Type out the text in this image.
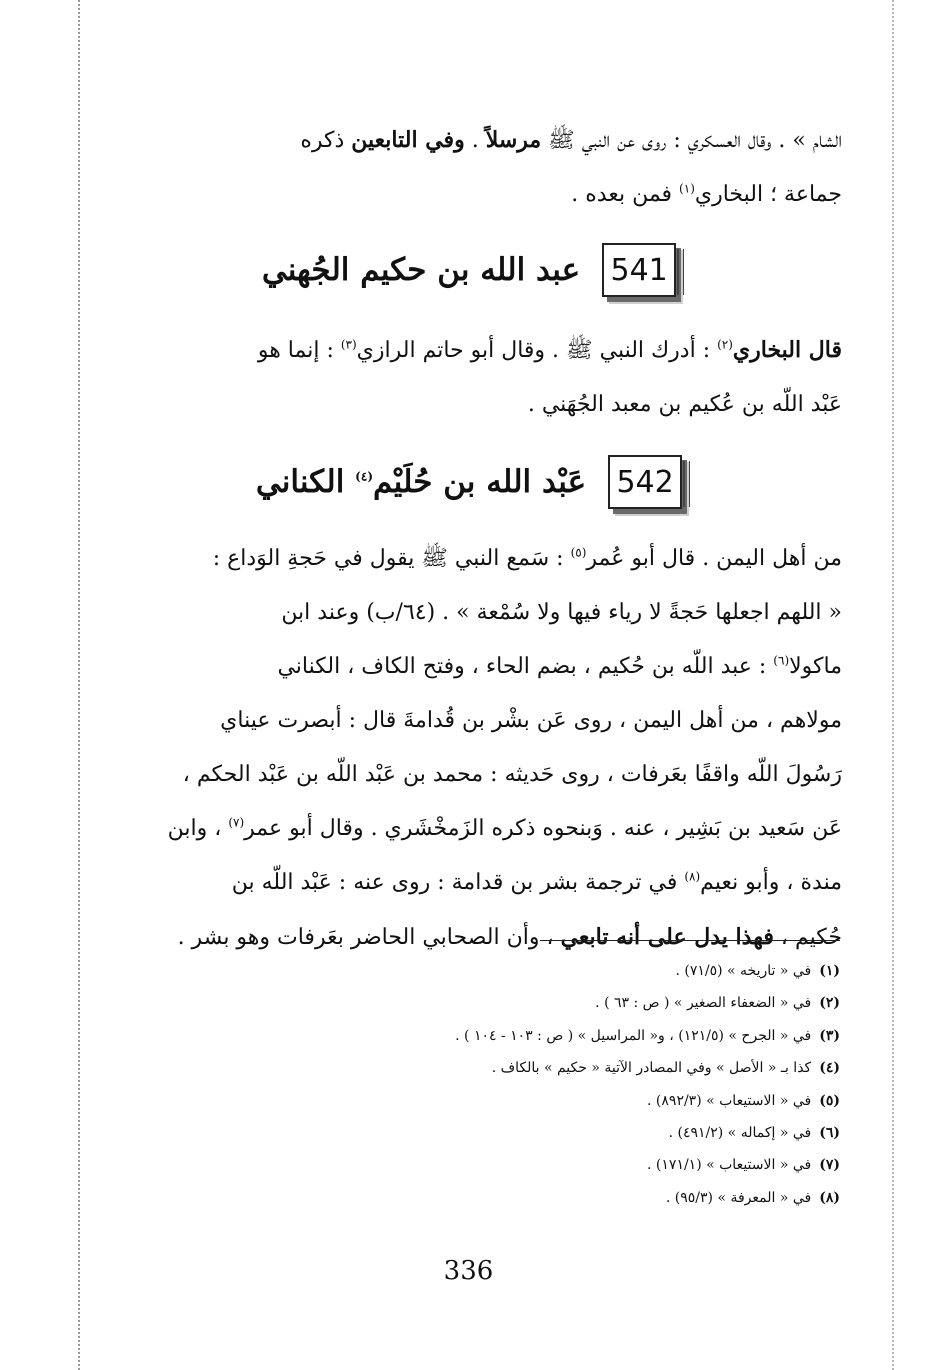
الشام » . وقال العسكري : روى عن النبي ﷺ مرسلاً . وفي التابعين ذكره
جماعة ؛ البخاري$^{(١)}$ فمن بعده .
541
عبد الله بن حكيم الجُهني
قال البخاري$^{(٢)}$ : أدرك النبي ﷺ . وقال أبو حاتم الرازي$^{(٣)}$ : إنما هو
عَبْد اللّه بن عُكيم بن معبد الجُهَني .
542
عَبْد الله بن حُلَيْم$^{(٤)}$ الكناني
من أهل اليمن . قال أبو عُمر$^{(٥)}$ : سَمع النبي ﷺ يقول في حَجةِ الوَداع :
« اللهم اجعلها حَجةً لا رياء فيها ولا سُمْعة » . (٦٤/ب) وعند ابن
ماكولا$^{(٦)}$ : عبد اللّه بن حُكيم ، بضم الحاء ، وفتح الكاف ، الكناني
مولاهم ، من أهل اليمن ، روى عَن بشْر بن قُدامةَ قال : أبصرت عيناي
رَسُولَ اللّه واقفًا بعَرفات ، روى حَديثه : محمد بن عَبْد اللّه بن عَبْد الحكم ،
عَن سَعيد بن بَشِير ، عنه . وَبنحوه ذكره الزَمخْشَري . وقال أبو عمر$^{(٧)}$ ، وابن
مندة ، وأبو نعيم$^{(٨)}$ في ترجمة بشر بن قدامة : روى عنه : عَبْد اللّه بن
حُكيم ، فهذا يدل على أنه تابعي ، وأن الصحابي الحاضر بعَرفات وهو بشر .
(١)في « تاريخه » (٧١/٥) .
(٢)في « الضعفاء الصغير » ( ص : ٦٣ ) .
(٣)في « الجرح » (١٢١/٥) ، و« المراسيل » ( ص : ١٠٣ - ١٠٤ ) .
(٤)كذا بـ « الأصل » وفي المصادر الآتية « حكيم » بالكاف .
(٥)في « الاستيعاب » (٨٩٢/٣) .
(٦)في « إكماله » (٤٩١/٢) .
(٧)في « الاستيعاب » (١٧١/١) .
(٨)في « المعرفة » (٩٥/٣) .
336
